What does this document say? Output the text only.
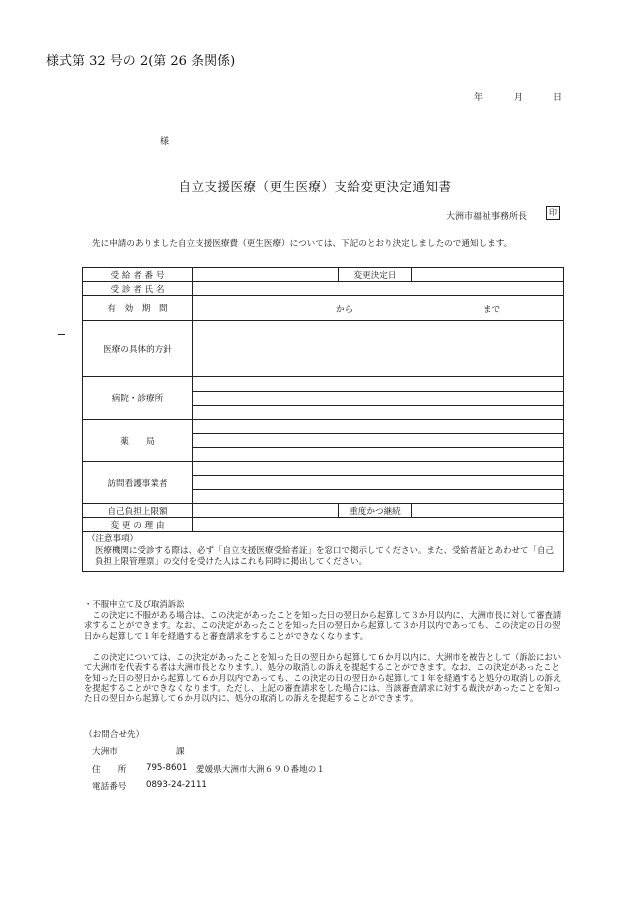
様式第 32 号の 2(第 26 条関係)
年	月	日
様
自立支援医療（更生医療）支給変更決定通知書
大洲市福祉事務所長	印
先に申請のありました自立支援医療費（更生医療）については、下記のとおり決定しましたので通知します。
受 給 者 番 号		変更決定日	
受 診 者 氏 名			
有　効　期　間	から まで		

医療の具体的方針			
病院・診療所			

薬　　局			

訪問看護事業者			

自己負担上限額		重度かつ継続	
変 更 の 理 由			

（注意事項）
医療機関に受診する際は、必ず「自立支援医療受給者証」を窓口で掲示してください。また、受給者証とあわせて「自己負担上限管理票」の交付を受けた人はこれも同時に掲出してください。			
・不服申立て及び取消訴訟
　この決定に不服がある場合は、この決定があったことを知った日の翌日から起算して３か月以内に、大洲市長に対して審査請求することができます。なお、この決定があったことを知った日の翌日から起算して３か月以内であっても、この決定の日の翌日から起算して１年を経過すると審査請求をすることができなくなります。
　この決定については、この決定があったことを知った日の翌日から起算して６か月以内に、大洲市を被告として（訴訟において大洲市を代表する者は大洲市長となります。）、処分の取消しの訴えを提起することができます。なお、この決定があったことを知った日の翌日から起算して６か月以内であっても、この決定の日の翌日から起算して１年を経過すると処分の取消しの訴えを提起することができなくなります。ただし、上記の審査請求をした場合には、当該審査請求に対する裁決があったことを知った日の翌日から起算して６か月以内に、処分の取消しの訴えを提起することができます。
（お問合せ先）
大洲市	課
住　　所 795-8601 愛媛県大洲市大洲６９０番地の１
電話番号 0893-24-2111
